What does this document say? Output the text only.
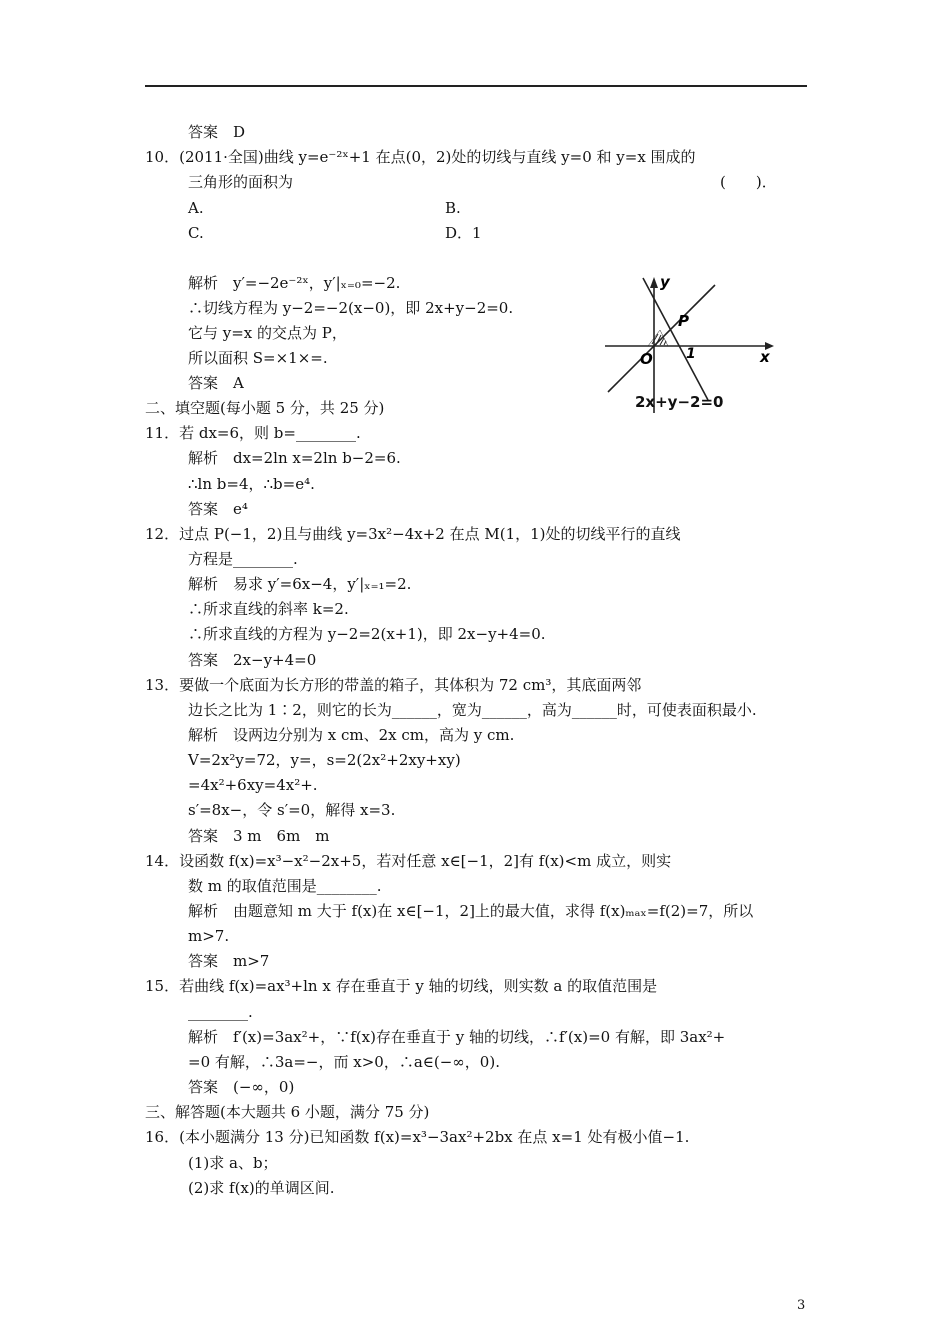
答案　D
10．(2011·全国)曲线 y=e⁻²ˣ+1 在点(0，2)处的切线与直线 y=0 和 y=x 围成的
三角形的面积为	(　　)．
A.	B.
C.	D．1
解析　y′=−2e⁻²ˣ，y′|ₓ₌₀=−2.
∴切线方程为 y−2=−2(x−0)，即 2x+y−2=0.
它与 y=x 的交点为 P，
所以面积 S=×1×=.
答案　A
y
x
O
P
1
2x+y−2=0
二、填空题(每小题 5 分，共 25 分)
11．若 dx=6，则 b=________.
解析　dx=2ln x=2ln b−2=6.
∴ln b=4，∴b=e⁴.
答案　e⁴
12．过点 P(−1，2)且与曲线 y=3x²−4x+2 在点 M(1，1)处的切线平行的直线
方程是________.
解析　易求 y′=6x−4，y′|ₓ₌₁=2.
∴所求直线的斜率 k=2.
∴所求直线的方程为 y−2=2(x+1)，即 2x−y+4=0.
答案　2x−y+4=0
13．要做一个底面为长方形的带盖的箱子，其体积为 72 cm³，其底面两邻
边长之比为 1∶2，则它的长为______，宽为______，高为______时，可使表面积最小.
解析　设两边分别为 x cm、2x cm，高为 y cm.
V=2x²y=72，y=，s=2(2x²+2xy+xy)
=4x²+6xy=4x²+.
s′=8x−，令 s′=0，解得 x=3.
答案　3 m　6m　m
14．设函数 f(x)=x³−x²−2x+5，若对任意 x∈[−1，2]有 f(x)<m 成立，则实
数 m 的取值范围是________.
解析　由题意知 m 大于 f(x)在 x∈[−1，2]上的最大值，求得 f(x)ₘₐₓ=f(2)=7，所以
m>7.
答案　m>7
15．若曲线 f(x)=ax³+ln x 存在垂直于 y 轴的切线，则实数 a 的取值范围是
________.
解析　f′(x)=3ax²+，∵f(x)存在垂直于 y 轴的切线，∴f′(x)=0 有解，即 3ax²+
=0 有解，∴3a=−，而 x>0，∴a∈(−∞，0).
答案　(−∞，0)
三、解答题(本大题共 6 小题，满分 75 分)
16．(本小题满分 13 分)已知函数 f(x)=x³−3ax²+2bx 在点 x=1 处有极小值−1.
(1)求 a、b；
(2)求 f(x)的单调区间.
3
